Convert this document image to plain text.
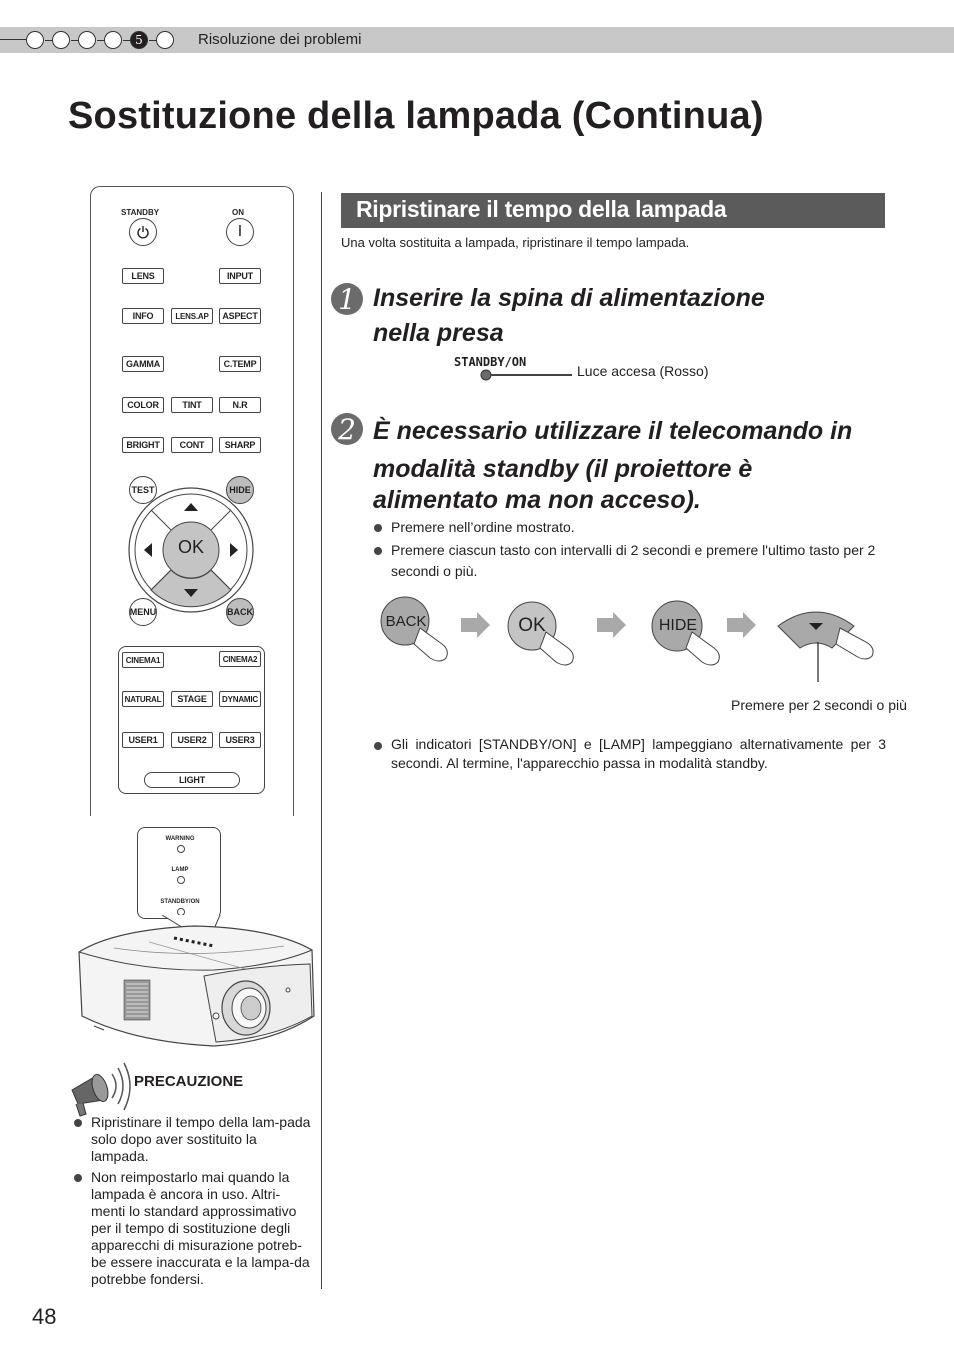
5	Risoluzione dei problemi
Sostituzione della lampada (Continua)
STANDBY	ON
I
LENS	INPUT
INFO	LENS.AP	ASPECT
GAMMA	C.TEMP
COLOR	TINT	N.R
BRIGHT	CONT	SHARP
OK
TEST	HIDE
MENU	BACK
CINEMA1	CINEMA2
NATURAL	STAGE	DYNAMIC
USER1	USER2	USER3
LIGHT
WARNING
LAMP
STANDBY/ON
PRECAUZIONE
Ripristinare il tempo della lam-pada solo dopo aver sostituito la lampada.
Non reimpostarlo mai quando la lampada è ancora in uso. Altri-menti lo standard approssimativo per il tempo di sostituzione degli apparecchi di misurazione potreb-be essere inaccurata e la lampa-da potrebbe fondersi.
48
Ripristinare il tempo della lampada
Una volta sostituita a lampada, ripristinare il tempo lampada.
1 Inserire la spina di alimentazione
nella presa
STANDBY/ON
Luce accesa (Rosso)
2 È necessario utilizzare il telecomando in
modalità standby (il proiettore è
alimentato ma non acceso).
Premere nell’ordine mostrato.
Premere ciascun tasto con intervalli di 2 secondi e premere l'ultimo tasto per 2 secondi o più.
BACK	OK	HIDE
Premere per 2 secondi o più
Gli indicatori [STANDBY/ON] e [LAMP] lampeggiano alternativamente per 3 secondi. Al termine, l'apparecchio passa in modalità standby.
